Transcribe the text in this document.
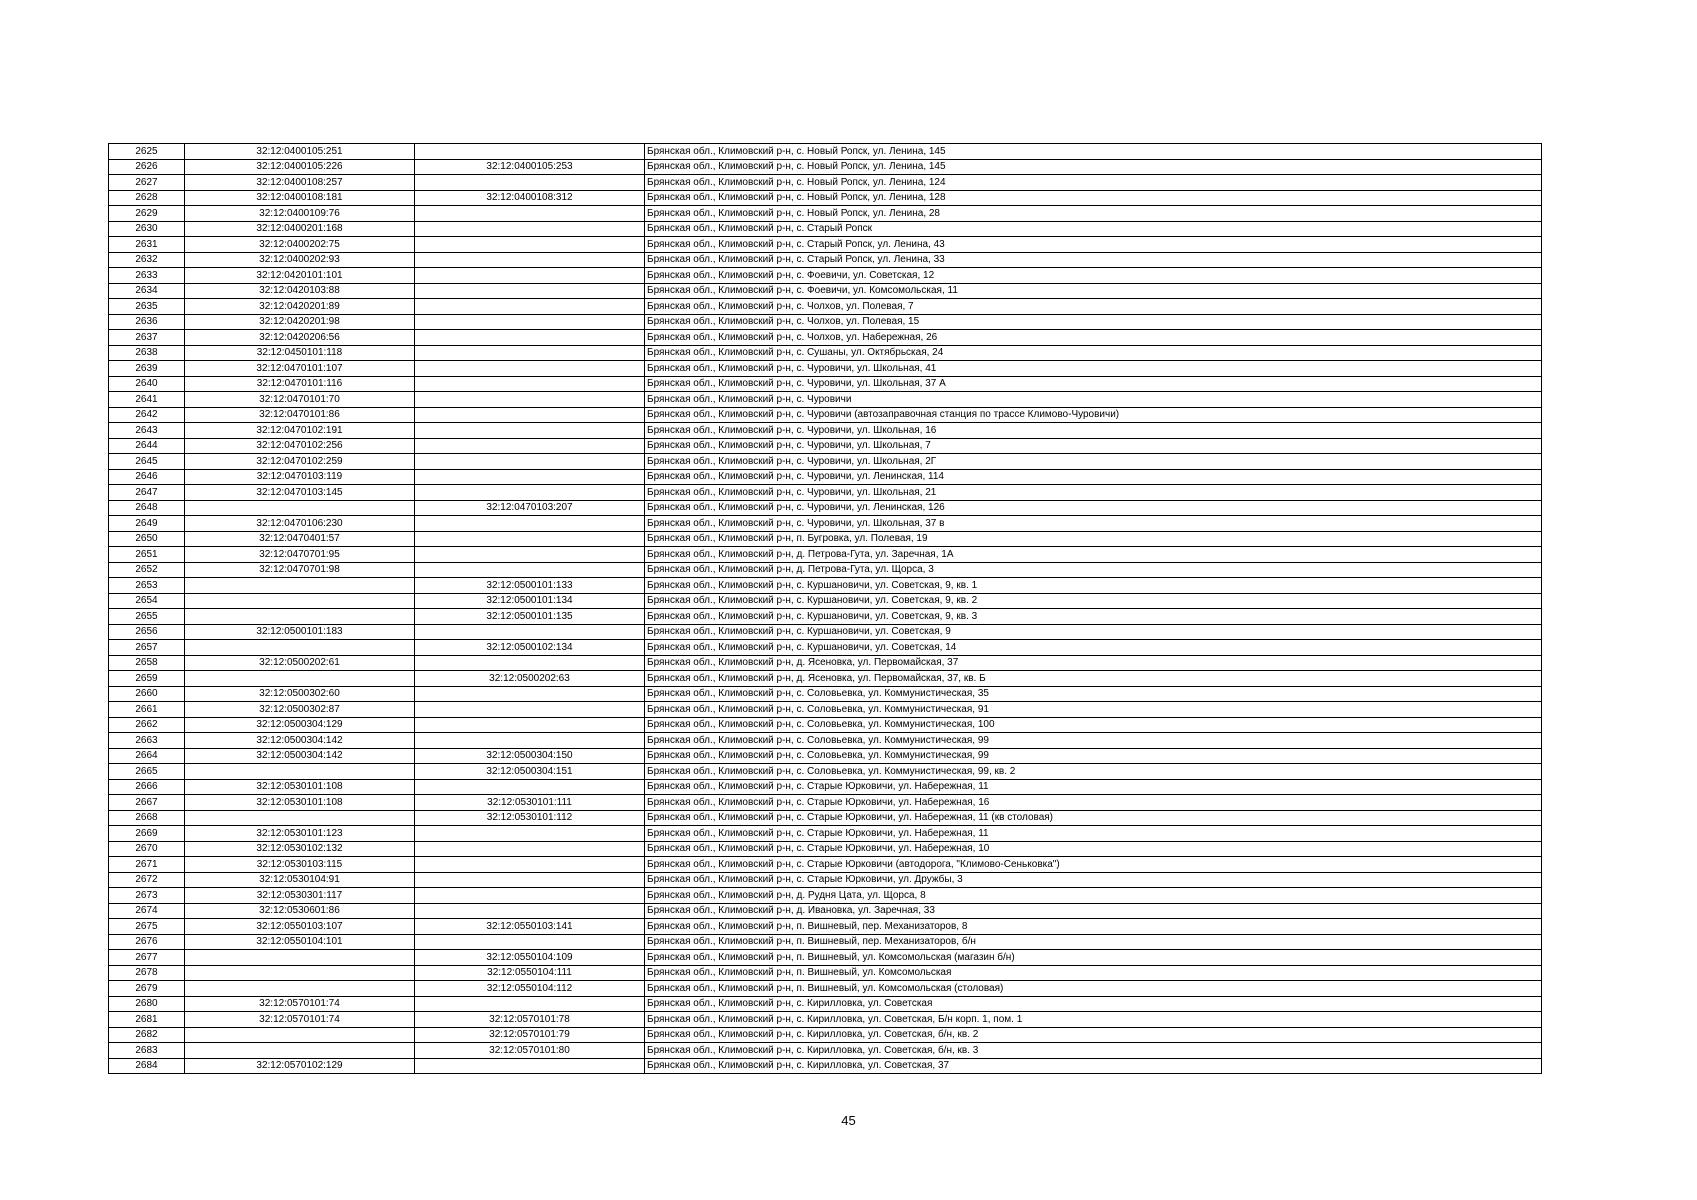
2625	32:12:0400105:251		Брянская обл., Климовский р-н, с. Новый Ропск, ул. Ленина, 145
2626	32:12:0400105:226	32:12:0400105:253	Брянская обл., Климовский р-н, с. Новый Ропск, ул. Ленина, 145
2627	32:12:0400108:257		Брянская обл., Климовский р-н, с. Новый Ропск, ул. Ленина, 124
2628	32:12:0400108:181	32:12:0400108:312	Брянская обл., Климовский р-н, с. Новый Ропск, ул. Ленина, 128
2629	32:12:0400109:76		Брянская обл., Климовский р-н, с. Новый Ропск, ул. Ленина, 28
2630	32:12:0400201:168		Брянская обл., Климовский р-н, с. Старый Ропск
2631	32:12:0400202:75		Брянская обл., Климовский р-н, с. Старый Ропск, ул. Ленина, 43
2632	32:12:0400202:93		Брянская обл., Климовский р-н, с. Старый Ропск, ул. Ленина, 33
2633	32:12:0420101:101		Брянская обл., Климовский р-н, с. Фоевичи, ул. Советская, 12
2634	32:12:0420103:88		Брянская обл., Климовский р-н, с. Фоевичи, ул. Комсомольская, 11
2635	32:12:0420201:89		Брянская обл., Климовский р-н, с. Чолхов, ул. Полевая, 7
2636	32:12:0420201:98		Брянская обл., Климовский р-н, с. Чолхов, ул. Полевая, 15
2637	32:12:0420206:56		Брянская обл., Климовский р-н, с. Чолхов, ул. Набережная, 26
2638	32:12:0450101:118		Брянская обл., Климовский р-н, с. Сушаны, ул. Октябрьская, 24
2639	32:12:0470101:107		Брянская обл., Климовский р-н, с. Чуровичи, ул. Школьная, 41
2640	32:12:0470101:116		Брянская обл., Климовский р-н, с. Чуровичи, ул. Школьная, 37 А
2641	32:12:0470101:70		Брянская обл., Климовский р-н, с. Чуровичи
2642	32:12:0470101:86		Брянская обл., Климовский р-н, с. Чуровичи (автозаправочная станция по трассе Климово-Чуровичи)
2643	32:12:0470102:191		Брянская обл., Климовский р-н, с. Чуровичи, ул. Школьная, 16
2644	32:12:0470102:256		Брянская обл., Климовский р-н, с. Чуровичи, ул. Школьная, 7
2645	32:12:0470102:259		Брянская обл., Климовский р-н, с. Чуровичи, ул. Школьная, 2Г
2646	32:12:0470103:119		Брянская обл., Климовский р-н, с. Чуровичи, ул. Ленинская, 114
2647	32:12:0470103:145		Брянская обл., Климовский р-н, с. Чуровичи, ул. Школьная, 21
2648		32:12:0470103:207	Брянская обл., Климовский р-н, с. Чуровичи, ул. Ленинская, 126
2649	32:12:0470106:230		Брянская обл., Климовский р-н, с. Чуровичи, ул. Школьная, 37 в
2650	32:12:0470401:57		Брянская обл., Климовский р-н, п. Бугровка, ул. Полевая, 19
2651	32:12:0470701:95		Брянская обл., Климовский р-н, д. Петрова-Гута, ул. Заречная, 1А
2652	32:12:0470701:98		Брянская обл., Климовский р-н, д. Петрова-Гута, ул. Щорса, 3
2653		32:12:0500101:133	Брянская обл., Климовский р-н, с. Куршановичи, ул. Советская, 9, кв. 1
2654		32:12:0500101:134	Брянская обл., Климовский р-н, с. Куршановичи, ул. Советская, 9, кв. 2
2655		32:12:0500101:135	Брянская обл., Климовский р-н, с. Куршановичи, ул. Советская, 9, кв. 3
2656	32:12:0500101:183		Брянская обл., Климовский р-н, с. Куршановичи, ул. Советская, 9
2657		32:12:0500102:134	Брянская обл., Климовский р-н, с. Куршановичи, ул. Советская, 14
2658	32:12:0500202:61		Брянская обл., Климовский р-н, д. Ясеновка, ул. Первомайская, 37
2659		32:12:0500202:63	Брянская обл., Климовский р-н, д. Ясеновка, ул. Первомайская, 37, кв. Б
2660	32:12:0500302:60		Брянская обл., Климовский р-н, с. Соловьевка, ул. Коммунистическая, 35
2661	32:12:0500302:87		Брянская обл., Климовский р-н, с. Соловьевка, ул. Коммунистическая, 91
2662	32:12:0500304:129		Брянская обл., Климовский р-н, с. Соловьевка, ул. Коммунистическая, 100
2663	32:12:0500304:142		Брянская обл., Климовский р-н, с. Соловьевка, ул. Коммунистическая, 99
2664	32:12:0500304:142	32:12:0500304:150	Брянская обл., Климовский р-н, с. Соловьевка, ул. Коммунистическая, 99
2665		32:12:0500304:151	Брянская обл., Климовский р-н, с. Соловьевка, ул. Коммунистическая, 99, кв. 2
2666	32:12:0530101:108		Брянская обл., Климовский р-н, с. Старые Юрковичи, ул. Набережная, 11
2667	32:12:0530101:108	32:12:0530101:111	Брянская обл., Климовский р-н, с. Старые Юрковичи, ул. Набережная, 16
2668		32:12:0530101:112	Брянская обл., Климовский р-н, с. Старые Юрковичи, ул. Набережная, 11 (кв столовая)
2669	32:12:0530101:123		Брянская обл., Климовский р-н, с. Старые Юрковичи, ул. Набережная, 11
2670	32:12:0530102:132		Брянская обл., Климовский р-н, с. Старые Юрковичи, ул. Набережная, 10
2671	32:12:0530103:115		Брянская обл., Климовский р-н, с. Старые Юрковичи (автодорога, "Климово-Сеньковка")
2672	32:12:0530104:91		Брянская обл., Климовский р-н, с. Старые Юрковичи, ул. Дружбы, 3
2673	32:12:0530301:117		Брянская обл., Климовский р-н, д. Рудня Цата, ул. Щорса, 8
2674	32:12:0530601:86		Брянская обл., Климовский р-н, д. Ивановка, ул. Заречная, 33
2675	32:12:0550103:107	32:12:0550103:141	Брянская обл., Климовский р-н, п. Вишневый, пер. Механизаторов, 8
2676	32:12:0550104:101		Брянская обл., Климовский р-н, п. Вишневый, пер. Механизаторов, б/н
2677		32:12:0550104:109	Брянская обл., Климовский р-н, п. Вишневый, ул. Комсомольская (магазин б/н)
2678		32:12:0550104:111	Брянская обл., Климовский р-н, п. Вишневый, ул. Комсомольская
2679		32:12:0550104:112	Брянская обл., Климовский р-н, п. Вишневый, ул. Комсомольская (столовая)
2680	32:12:0570101:74		Брянская обл., Климовский р-н, с. Кирилловка, ул. Советская
2681	32:12:0570101:74	32:12:0570101:78	Брянская обл., Климовский р-н, с. Кирилловка, ул. Советская, Б/н корп. 1, пом. 1
2682		32:12:0570101:79	Брянская обл., Климовский р-н, с. Кирилловка, ул. Советская, б/н, кв. 2
2683		32:12:0570101:80	Брянская обл., Климовский р-н, с. Кирилловка, ул. Советская, б/н, кв. 3
2684	32:12:0570102:129		Брянская обл., Климовский р-н, с. Кирилловка, ул. Советская, 37
45
